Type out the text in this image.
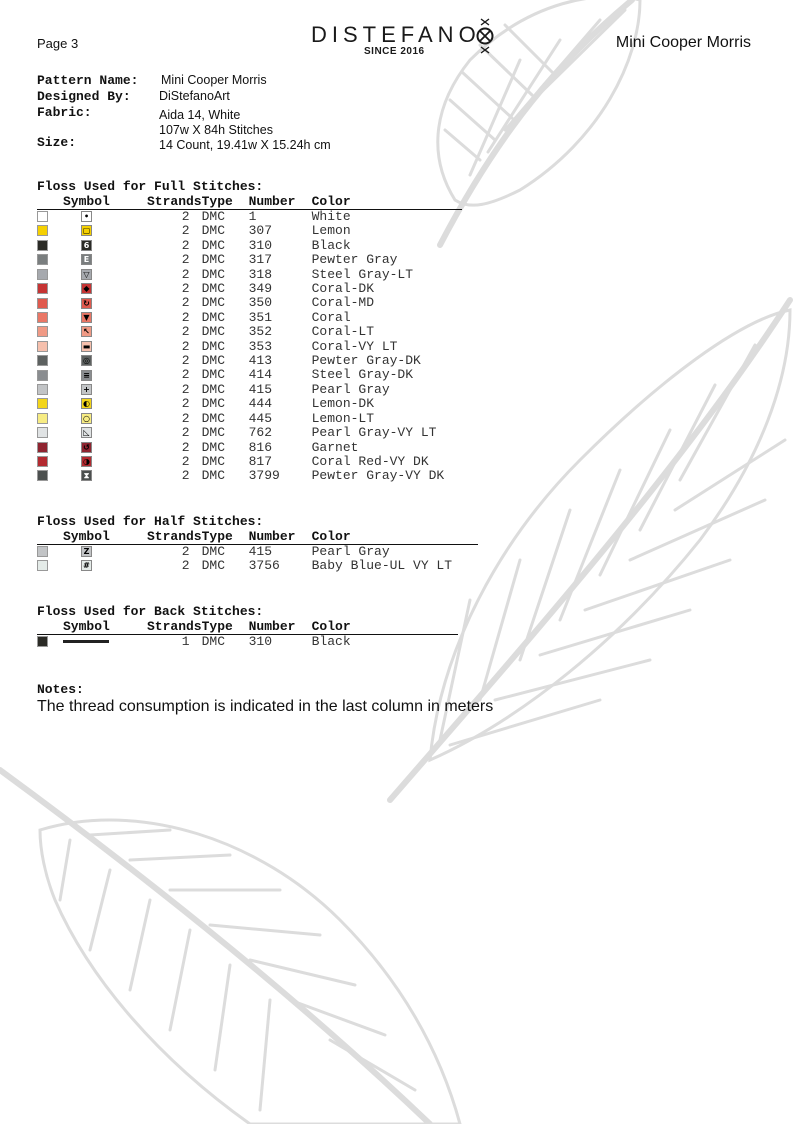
Page 3	DISTEFANO
SINCE 2016
Mini Cooper Morris
Pattern Name: Mini Cooper Morris
Designed By: DiStefanoArt
Fabric:	Aida 14, White
107w X 84h Stitches
Size:	14 Count, 19.41w X 15.24h cm
Floss Used for Full Stitches:
	Symbol	Strands	Type	Number	Color
	•	2	DMC	1	White
	▢	2	DMC	307	Lemon
	6	2	DMC	310	Black
	E	2	DMC	317	Pewter Gray
	▽	2	DMC	318	Steel Gray-LT
	◆	2	DMC	349	Coral-DK
	↻	2	DMC	350	Coral-MD
	▼	2	DMC	351	Coral
	↖	2	DMC	352	Coral-LT
	▬	2	DMC	353	Coral-VY LT
	◎	2	DMC	413	Pewter Gray-DK
	≡	2	DMC	414	Steel Gray-DK
	+	2	DMC	415	Pearl Gray
	◐	2	DMC	444	Lemon-DK
	○	2	DMC	445	Lemon-LT
	◺	2	DMC	762	Pearl Gray-VY LT
	↺	2	DMC	816	Garnet
	◑	2	DMC	817	Coral Red-VY DK
	⧗	2	DMC	3799	Pewter Gray-VY DK
Floss Used for Half Stitches:
	Symbol	Strands	Type	Number	Color
	Z	2	DMC	415	Pearl Gray
	#	2	DMC	3756	Baby Blue-UL VY LT
Floss Used for Back Stitches:
	Symbol	Strands	Type	Number	Color
		1	DMC	310	Black
Notes:
The thread consumption is indicated in the last column in meters
